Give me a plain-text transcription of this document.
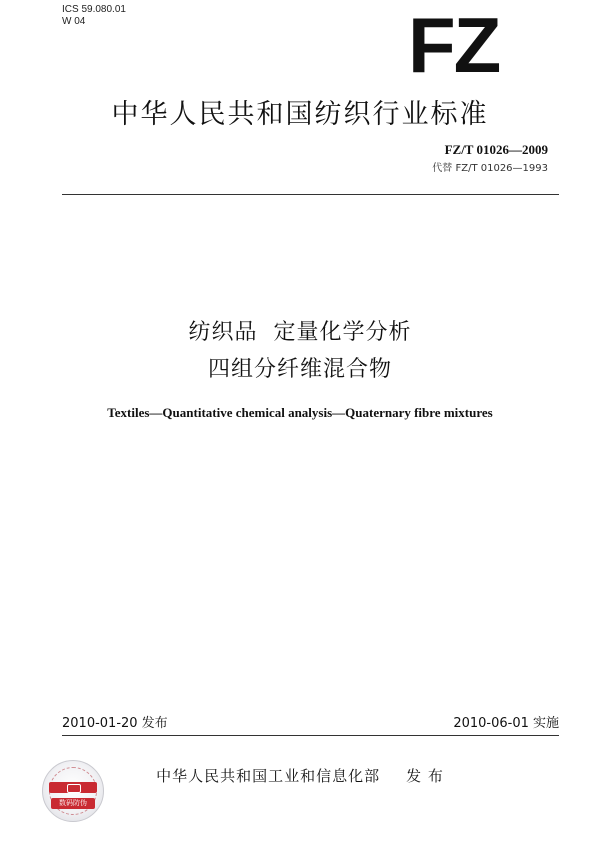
ICS 59.080.01
W 04	FZ
中华人民共和国纺织行业标准
FZ/T 01026—2009
代替 FZ/T 01026—1993
纺织品  定量化学分析
四组分纤维混合物
Textiles—Quantitative chemical analysis—Quaternary fibre mixtures
2010-01-20 发布	2010-06-01 实施
数码防伪
中华人民共和国工业和信息化部 发 布
